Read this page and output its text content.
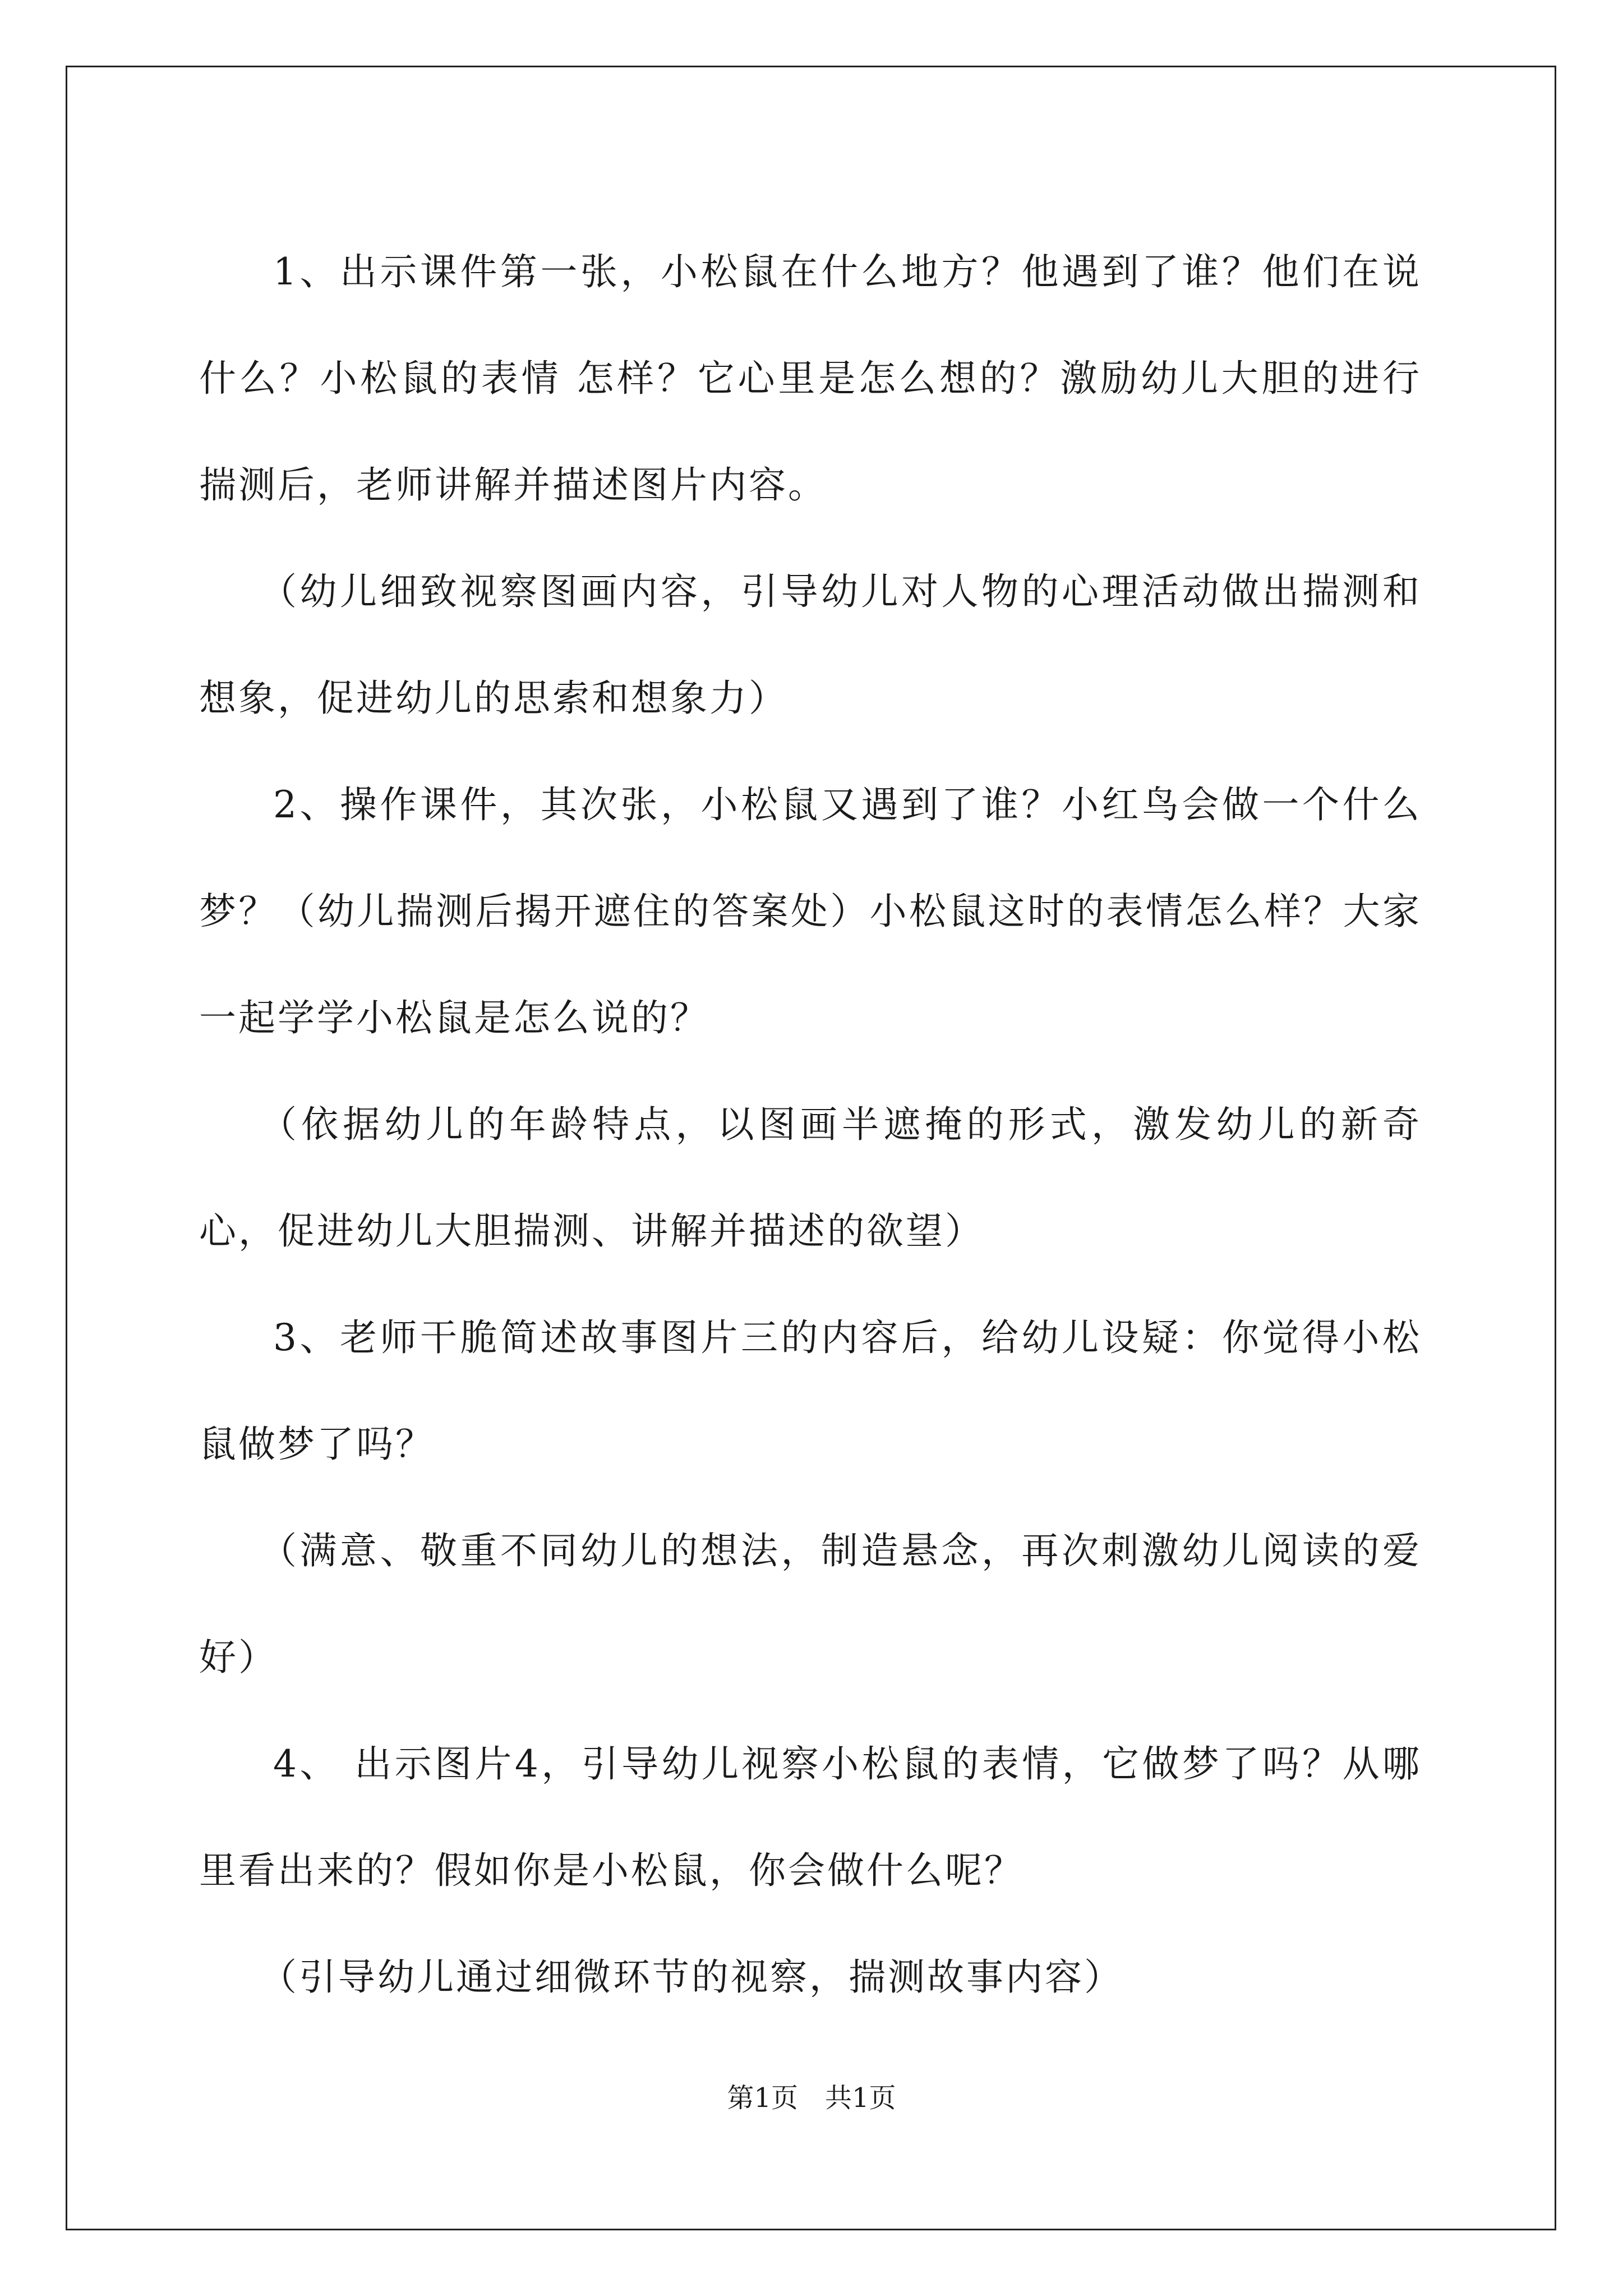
1、出示课件第一张，小松鼠在什么地方？他遇到了谁？他们在说什么？小松鼠的表情 怎样？它心里是怎么想的？激励幼儿大胆的进行揣测后，老师讲解并描述图片内容。

（幼儿细致视察图画内容，引导幼儿对人物的心理活动做出揣测和想象，促进幼儿的思索和想象力）

2、操作课件，其次张，小松鼠又遇到了谁？小红鸟会做一个什么梦？（幼儿揣测后揭开遮住的答案处）小松鼠这时的表情怎么样？大家一起学学小松鼠是怎么说的？

（依据幼儿的年龄特点，以图画半遮掩的形式，激发幼儿的新奇心，促进幼儿大胆揣测、讲解并描述的欲望）

3、老师干脆简述故事图片三的内容后，给幼儿设疑：你觉得小松鼠做梦了吗？

（满意、敬重不同幼儿的想法，制造悬念，再次刺激幼儿阅读的爱好）

4、 出示图片4，引导幼儿视察小松鼠的表情，它做梦了吗？从哪里看出来的？假如你是小松鼠，你会做什么呢？

（引导幼儿通过细微环节的视察，揣测故事内容）

第1页　共1页
